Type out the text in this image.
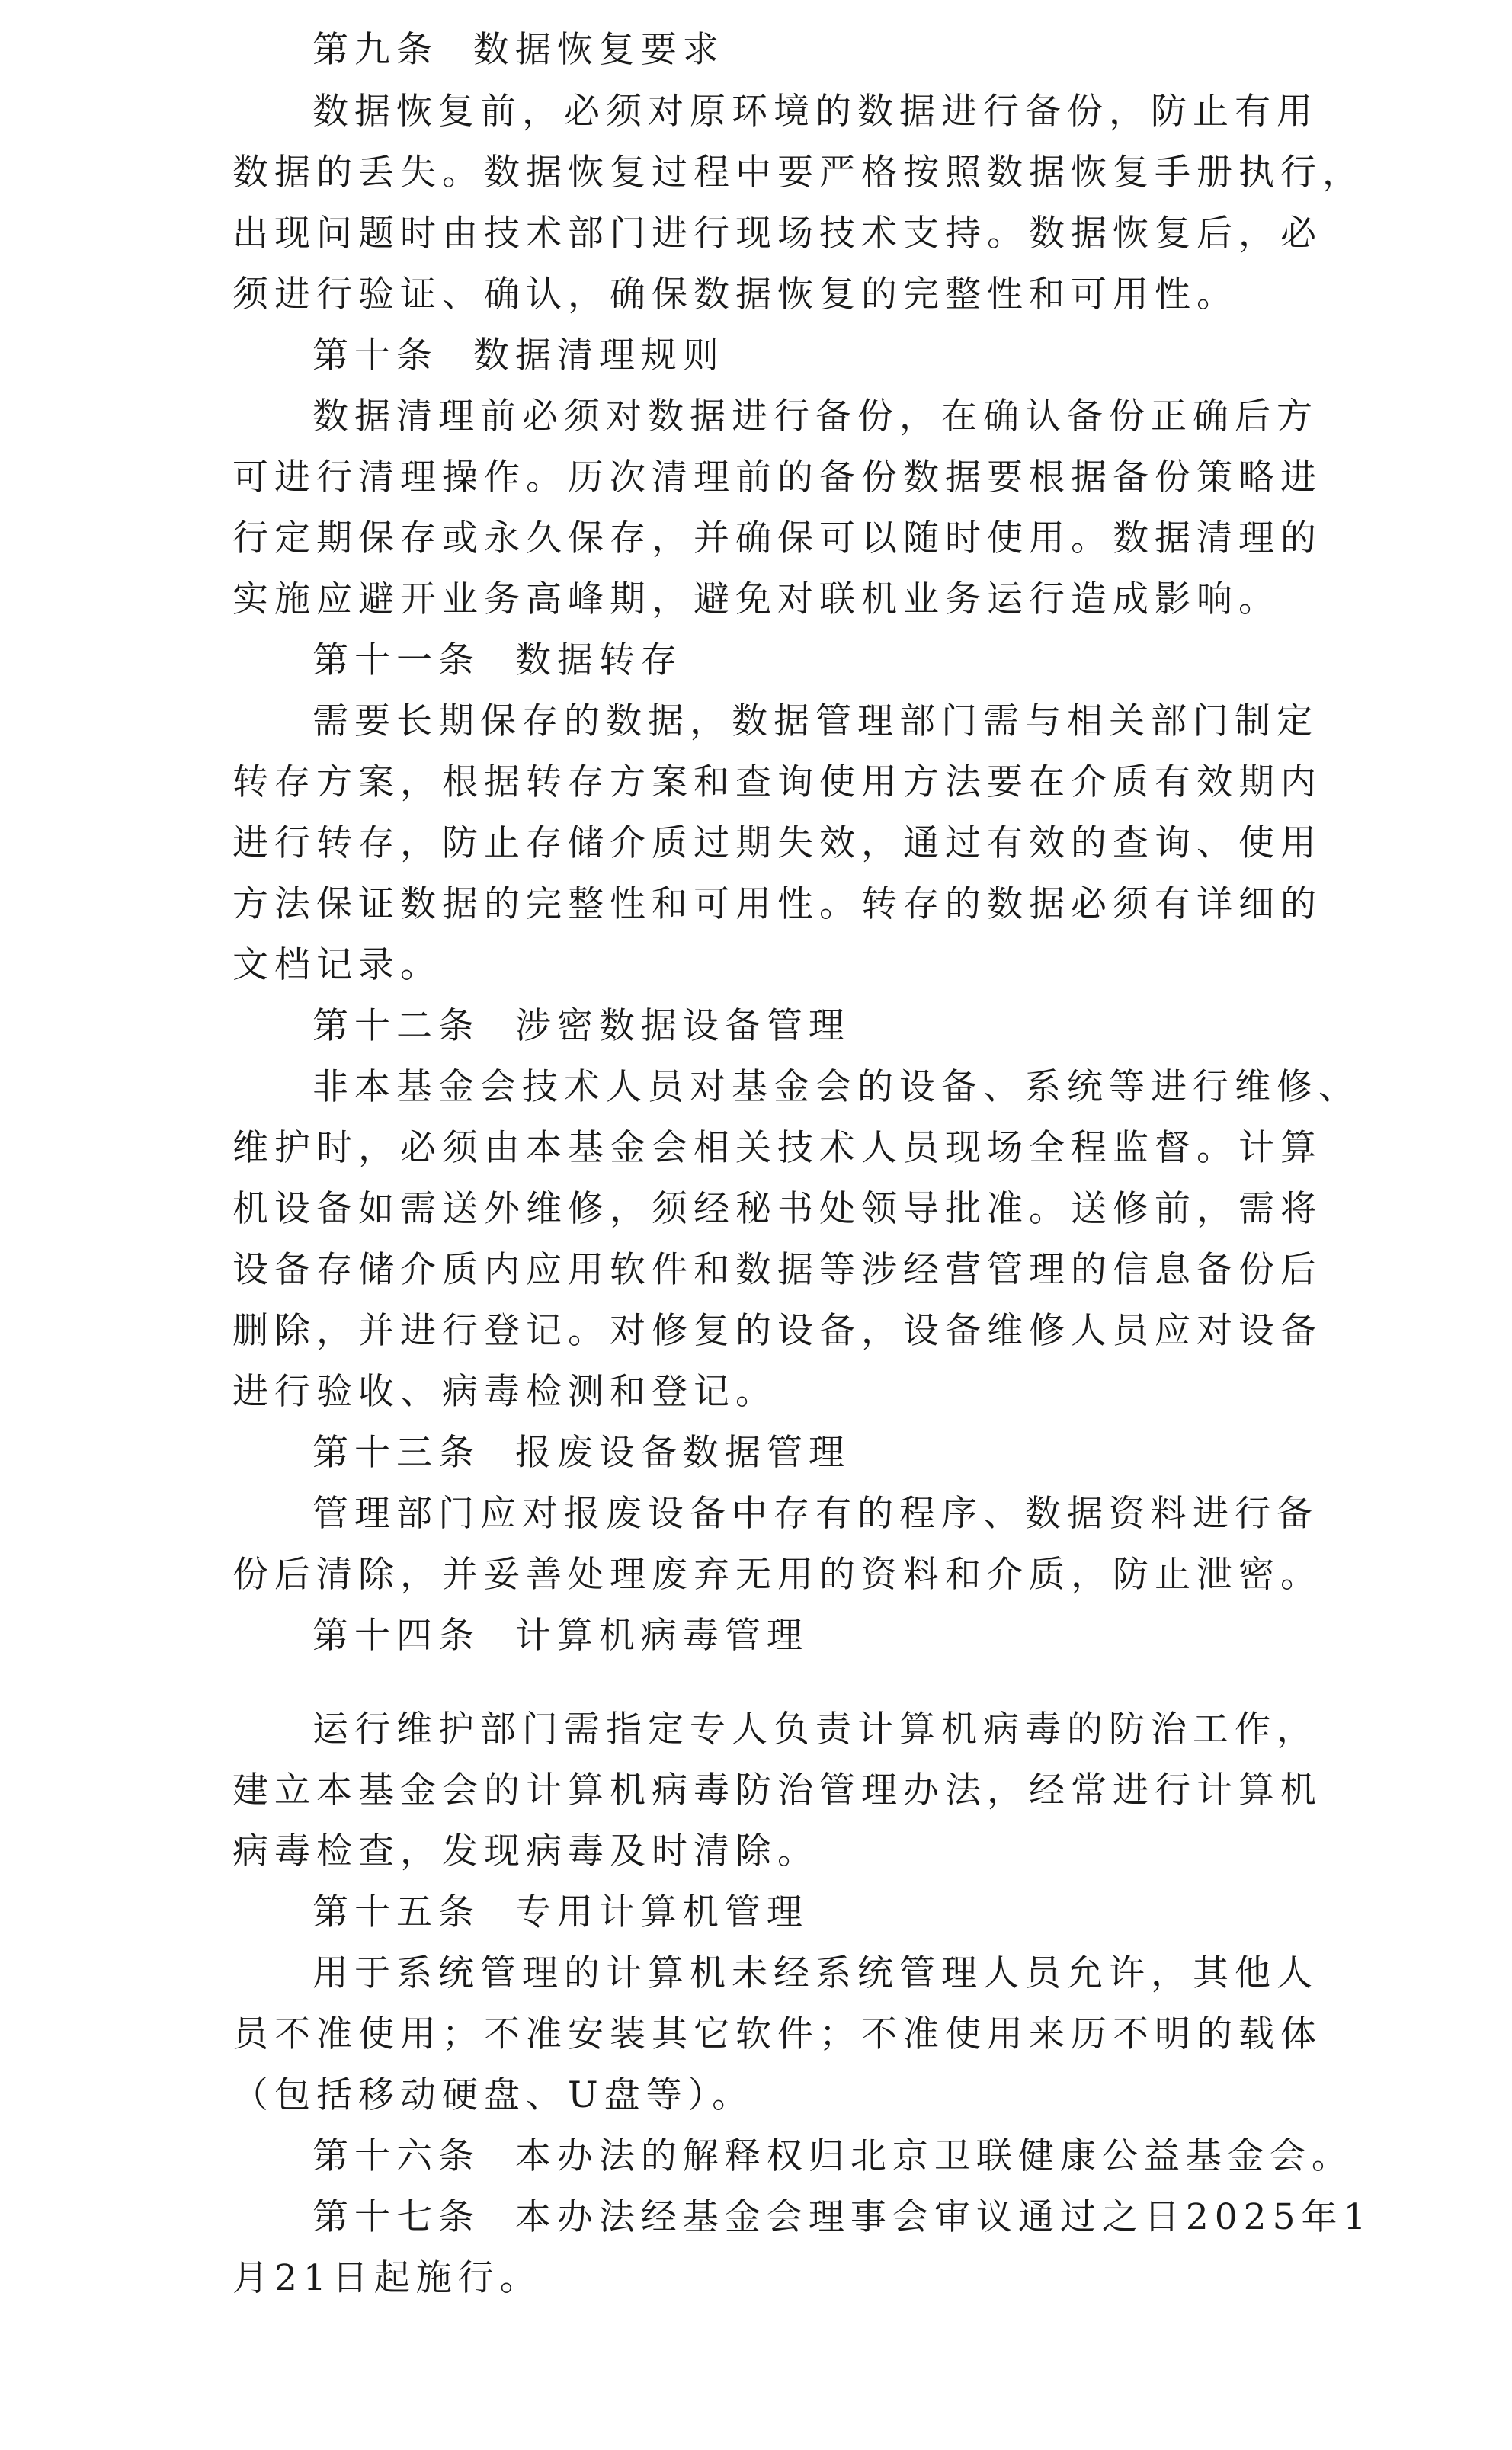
第九条  数据恢复要求
数据恢复前，必须对原环境的数据进行备份，防止有用
数据的丢失。数据恢复过程中要严格按照数据恢复手册执行，
出现问题时由技术部门进行现场技术支持。数据恢复后，必
须进行验证、确认，确保数据恢复的完整性和可用性。
第十条  数据清理规则
数据清理前必须对数据进行备份，在确认备份正确后方
可进行清理操作。历次清理前的备份数据要根据备份策略进
行定期保存或永久保存，并确保可以随时使用。数据清理的
实施应避开业务高峰期，避免对联机业务运行造成影响。
第十一条  数据转存
需要长期保存的数据，数据管理部门需与相关部门制定
转存方案，根据转存方案和查询使用方法要在介质有效期内
进行转存，防止存储介质过期失效，通过有效的查询、使用
方法保证数据的完整性和可用性。转存的数据必须有详细的
文档记录。
第十二条  涉密数据设备管理
非本基金会技术人员对基金会的设备、系统等进行维修、
维护时，必须由本基金会相关技术人员现场全程监督。计算
机设备如需送外维修，须经秘书处领导批准。送修前，需将
设备存储介质内应用软件和数据等涉经营管理的信息备份后
删除，并进行登记。对修复的设备，设备维修人员应对设备
进行验收、病毒检测和登记。
第十三条  报废设备数据管理
管理部门应对报废设备中存有的程序、数据资料进行备
份后清除，并妥善处理废弃无用的资料和介质，防止泄密。
第十四条  计算机病毒管理
运行维护部门需指定专人负责计算机病毒的防治工作，
建立本基金会的计算机病毒防治管理办法，经常进行计算机
病毒检查，发现病毒及时清除。
第十五条  专用计算机管理
用于系统管理的计算机未经系统管理人员允许，其他人
员不准使用；不准安装其它软件；不准使用来历不明的载体
（包括移动硬盘、U盘等）。
第十六条  本办法的解释权归北京卫联健康公益基金会。
第十七条  本办法经基金会理事会审议通过之日2025年1
月21日起施行。
